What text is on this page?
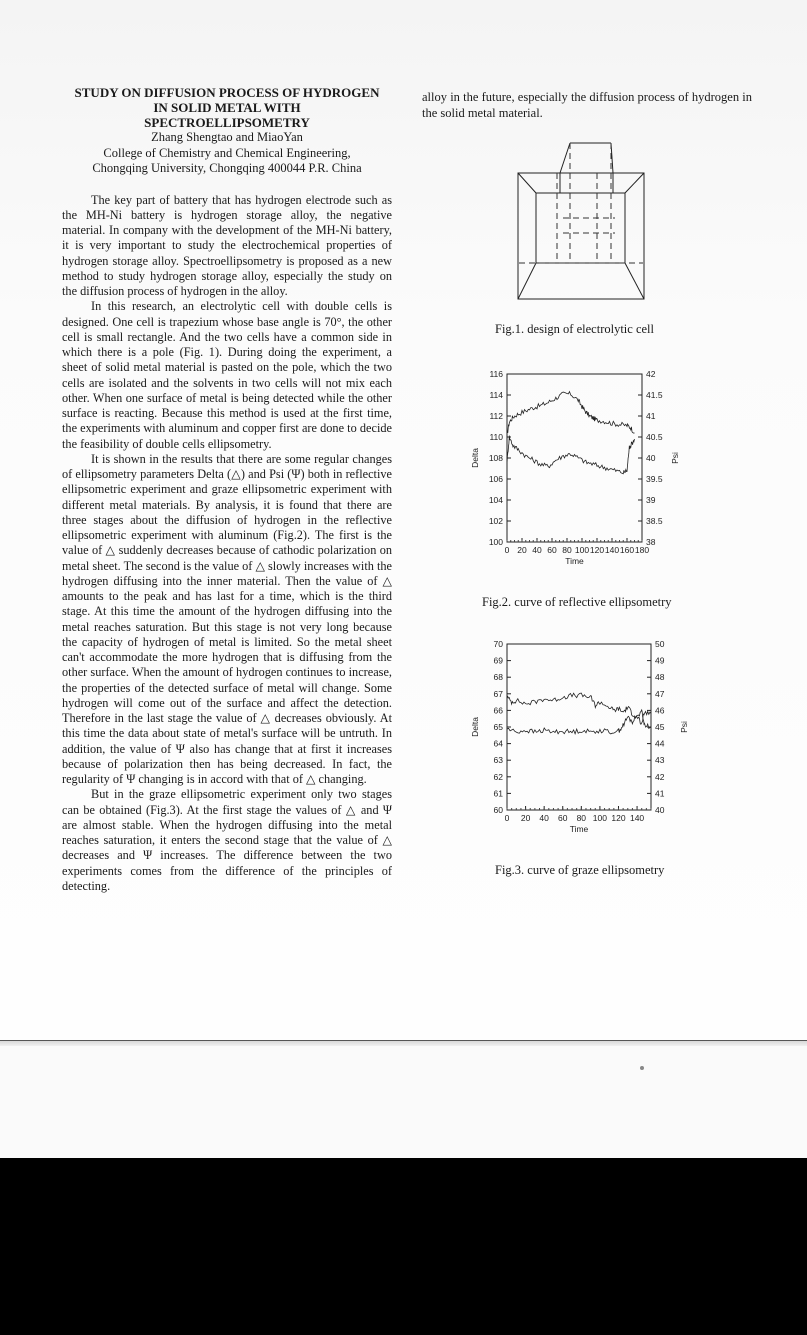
STUDY ON DIFFUSION PROCESS OF HYDROGEN

IN SOLID METAL WITH

SPECTROELLIPSOMETRY

Zhang Shengtao and MiaoYan

College of Chemistry and Chemical Engineering,

Chongqing University, Chongqing 400044 P.R. China

The key part of battery that has hydrogen electrode such as the MH-Ni battery is hydrogen storage alloy, the negative material. In company with the development of the MH-Ni battery, it is very important to study the electrochemical properties of hydrogen storage alloy. Spectroellipsometry is proposed as a new method to study hydrogen storage alloy, especially the study on the diffusion process of hydrogen in the alloy.

In this research, an electrolytic cell with double cells is designed. One cell is trapezium whose base angle is 70°, the other cell is small rectangle. And the two cells have a common side in which there is a pole (Fig. 1). During doing the experiment, a sheet of solid metal material is pasted on the pole, which the two cells are isolated and the solvents in two cells will not mix each other. When one surface of metal is being detected while the other surface is reacting. Because this method is used at the first time, the experiments with aluminum and copper first are done to decide the feasibility of double cells ellipsometry.

It is shown in the results that there are some regular changes of ellipsometry parameters Delta (△) and Psi (Ψ) both in reflective ellipsometric experiment and graze ellipsometric experiment with different metal materials. By analysis, it is found that there are three stages about the diffusion of hydrogen in the reflective ellipsometric experiment with aluminum (Fig.2). The first is the value of △ suddenly decreases because of cathodic polarization on metal sheet. The second is the value of △ slowly increases with the hydrogen diffusing into the inner material. Then the value of △ amounts to the peak and has last for a time, which is the third stage. At this time the amount of the hydrogen diffusing into the metal reaches saturation. But this stage is not very long because the capacity of hydrogen of metal is limited. So the metal sheet can't accommodate the more hydrogen that is diffusing from the other surface. When the amount of hydrogen continues to increase, the properties of the detected surface of metal will change. Some hydrogen will come out of the surface and affect the detection. Therefore in the last stage the value of △ decreases obviously. At this time the data about state of metal's surface will be untruth. In addition, the value of Ψ also has change that at first it increases because of polarization then has being decreased. In fact, the regularity of Ψ changing is in accord with that of △ changing.

But in the graze ellipsometric experiment only two stages can be obtained (Fig.3). At the first stage the values of △ and Ψ are almost stable. When the hydrogen diffusing into the metal reaches saturation, it enters the second stage that the value of △ decreases and Ψ increases. The difference between the two experiments comes from the difference of the principles of detecting.

alloy in the future, especially the diffusion process of hydrogen in the solid metal material.

Fig.1. design of electrolytic cell
0 20 40 60 80 100 120 140 160 180
100
102
104
106
108
110
112
114
116
38
38.5
39
39.5
40
40.5
41
41.5
42
Time
Delta	Psi
Fig.2. curve of reflective ellipsometry
0 20 40 60 80 100 120 140
60
61
62
63
64
65
66
67
68
69
70
40
41
42
43
44
45
46
47
48
49
50
Time
Delta	Psi
Fig.3. curve of graze ellipsometry
